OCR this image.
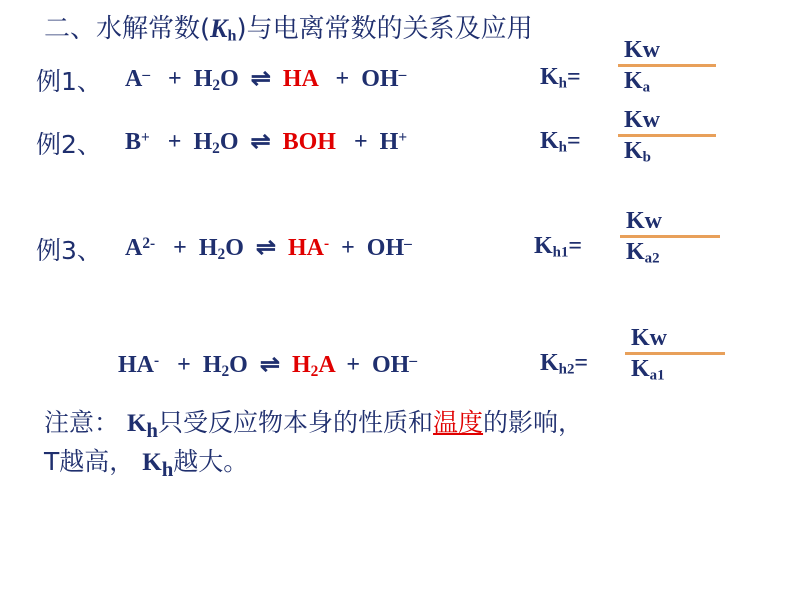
二、水解常数$(K_h)$与电离常数的关系及应用
例1、 $A^- + H_2O$ ⇌ HA + OH–	$K_h=$
Kw
$K_a$
例2、 $B^+ + H_2O$ ⇌ BOH + H+	$K_h=$
Kw
$K_b$
例3、 $A^{2-} + H_2O$ ⇌ HA- + OH–	$K_{h1}=$
Kw
$K_{a2}$
$HA^- + H_2O$ ⇌ $H_2A + OH^-$	$K_{h2}=$
Kw
$K_{a1}$
注意： $K_h$只受反应物本身的性质和温度的影响，
T越高， $K_h$越大。
